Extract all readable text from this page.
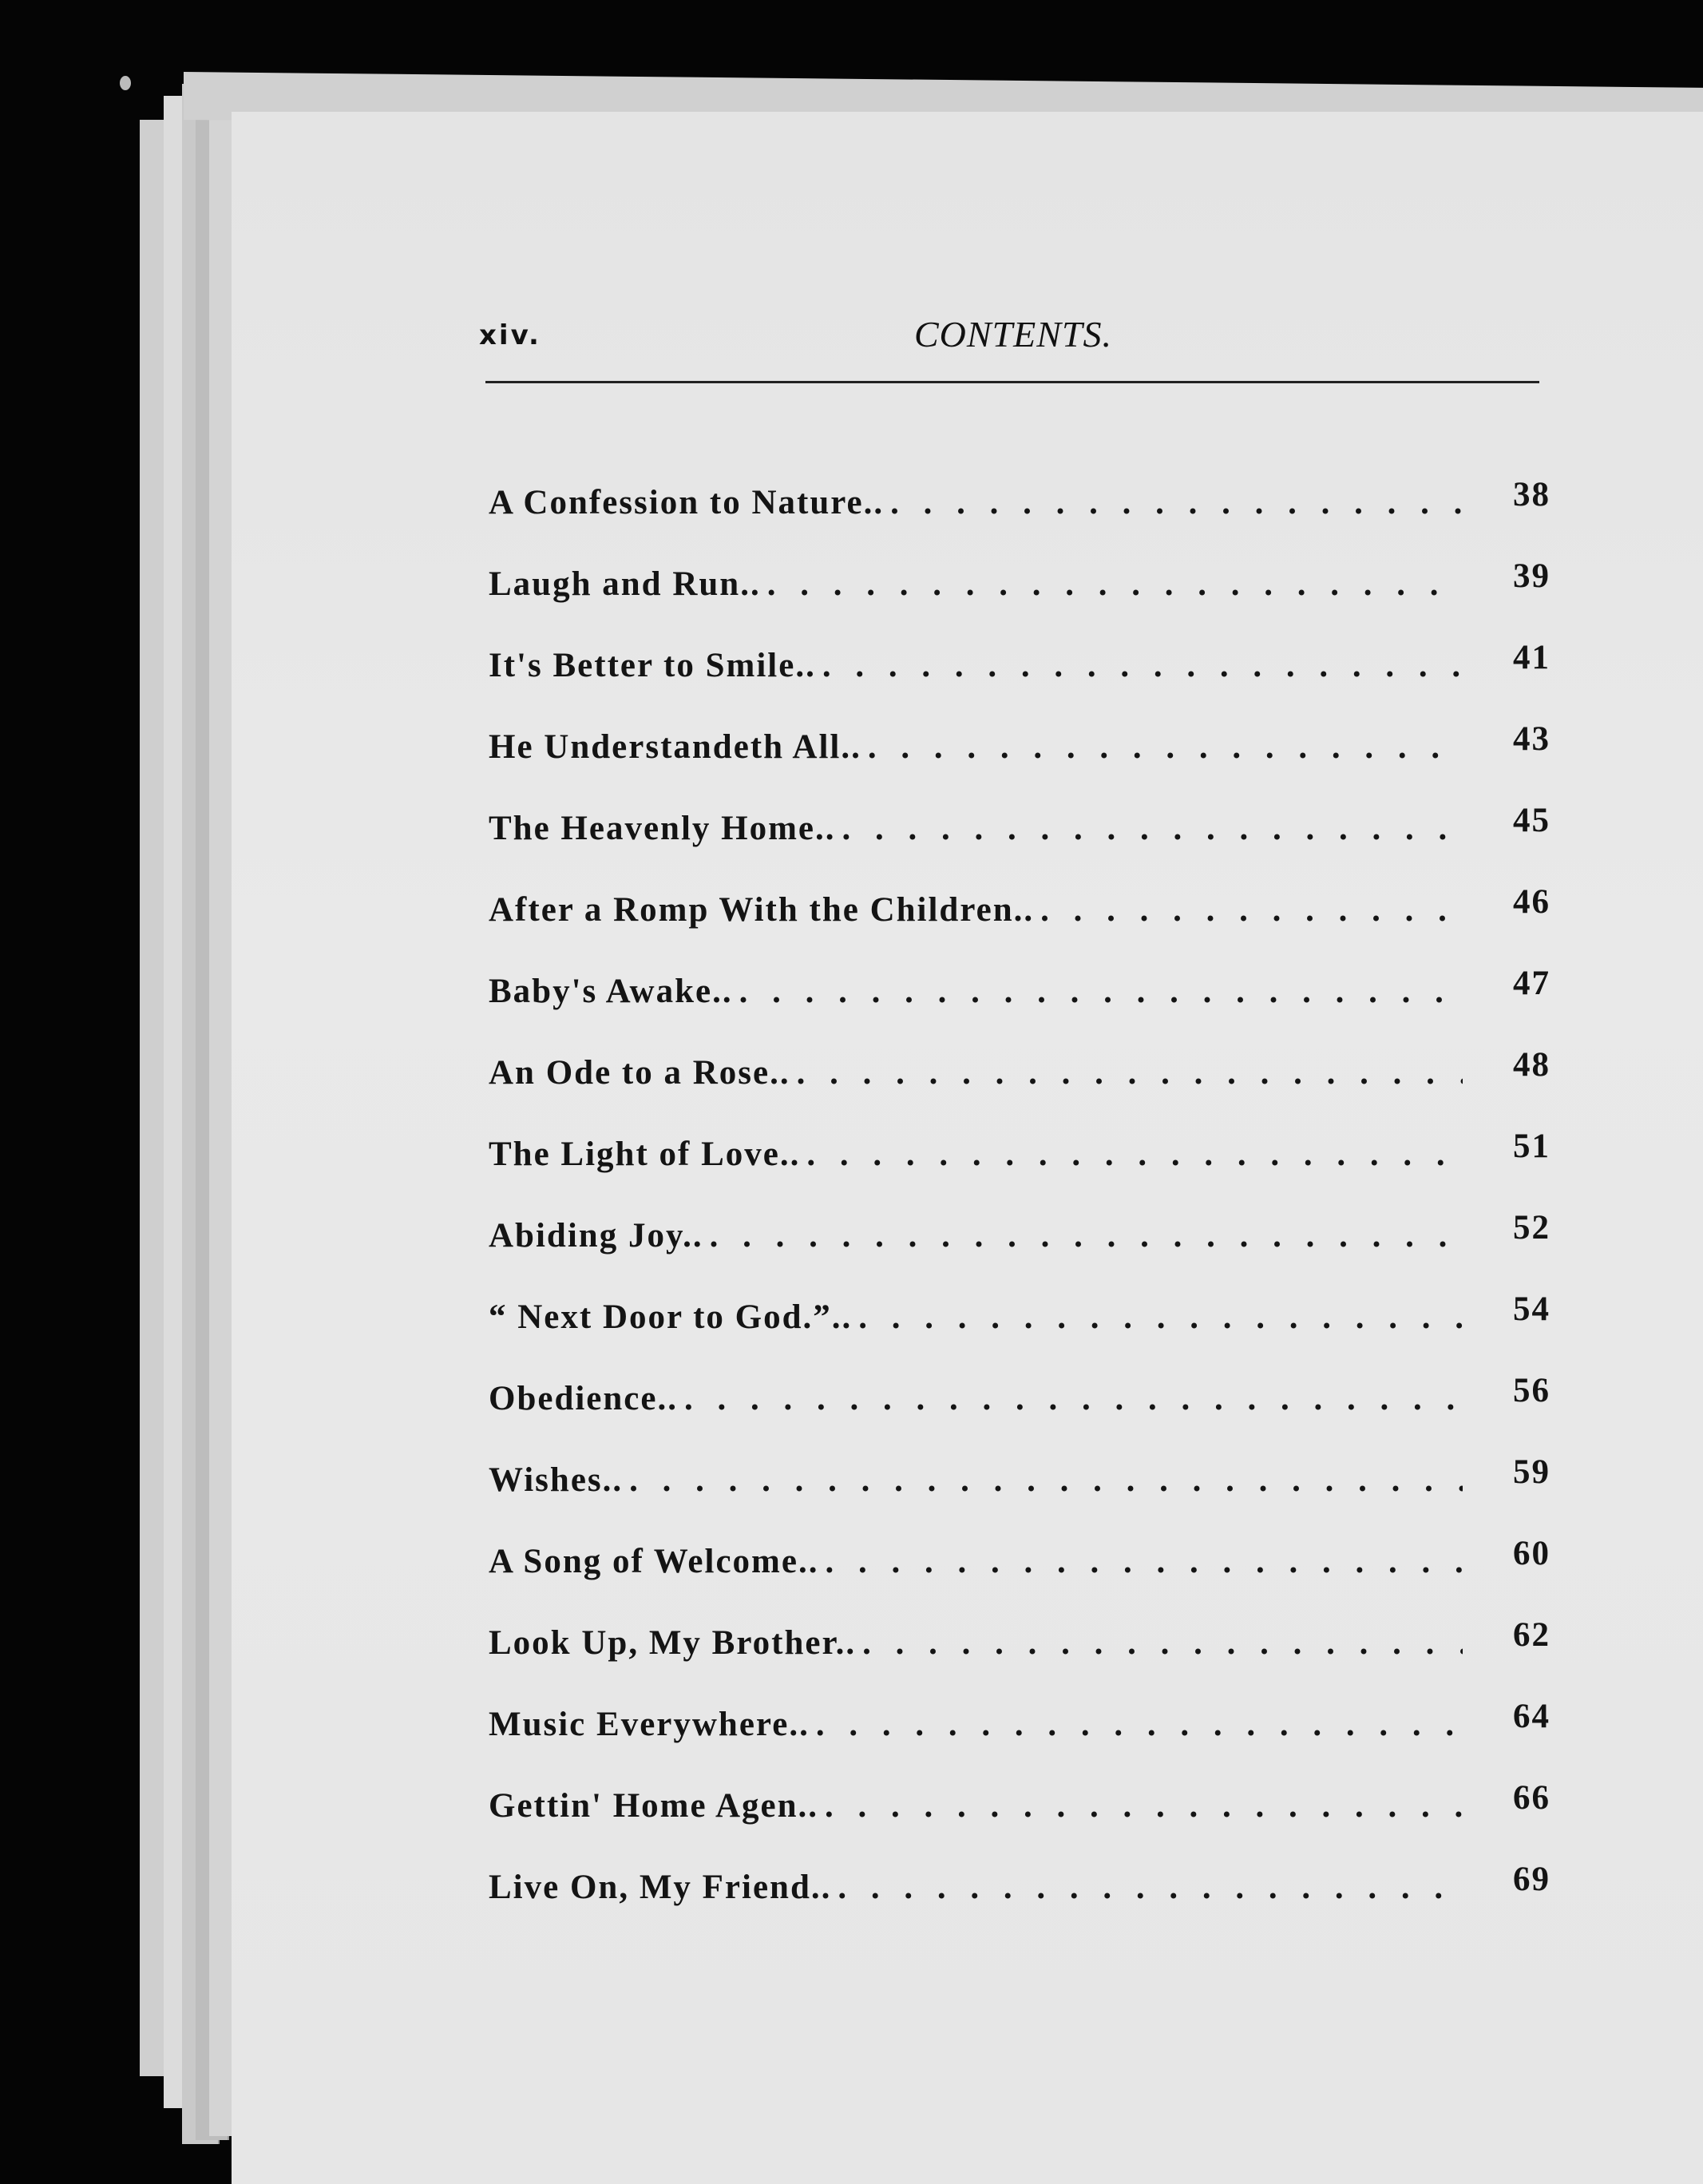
xiv.	CONTENTS.
A Confession to Nature.. . . .	38
Laugh and Run.. . . .	39
It's Better to Smile.. . . .	41
He Understandeth All.. . . .	43
The Heavenly Home.. . . .	45
After a Romp With the Children.. . . .	46
Baby's Awake.. . . .	47
An Ode to a Rose.. . . .	48
The Light of Love.. . . .	51
Abiding Joy.. . . .	52
“ Next Door to God.”.. . . .	54
Obedience.. . . .	56
Wishes.. . . .	59
A Song of Welcome.. . . .	60
Look Up, My Brother.. . . .	62
Music Everywhere.. . . .	64
Gettin' Home Agen.. . . .	66
Live On, My Friend.. . . .	69
